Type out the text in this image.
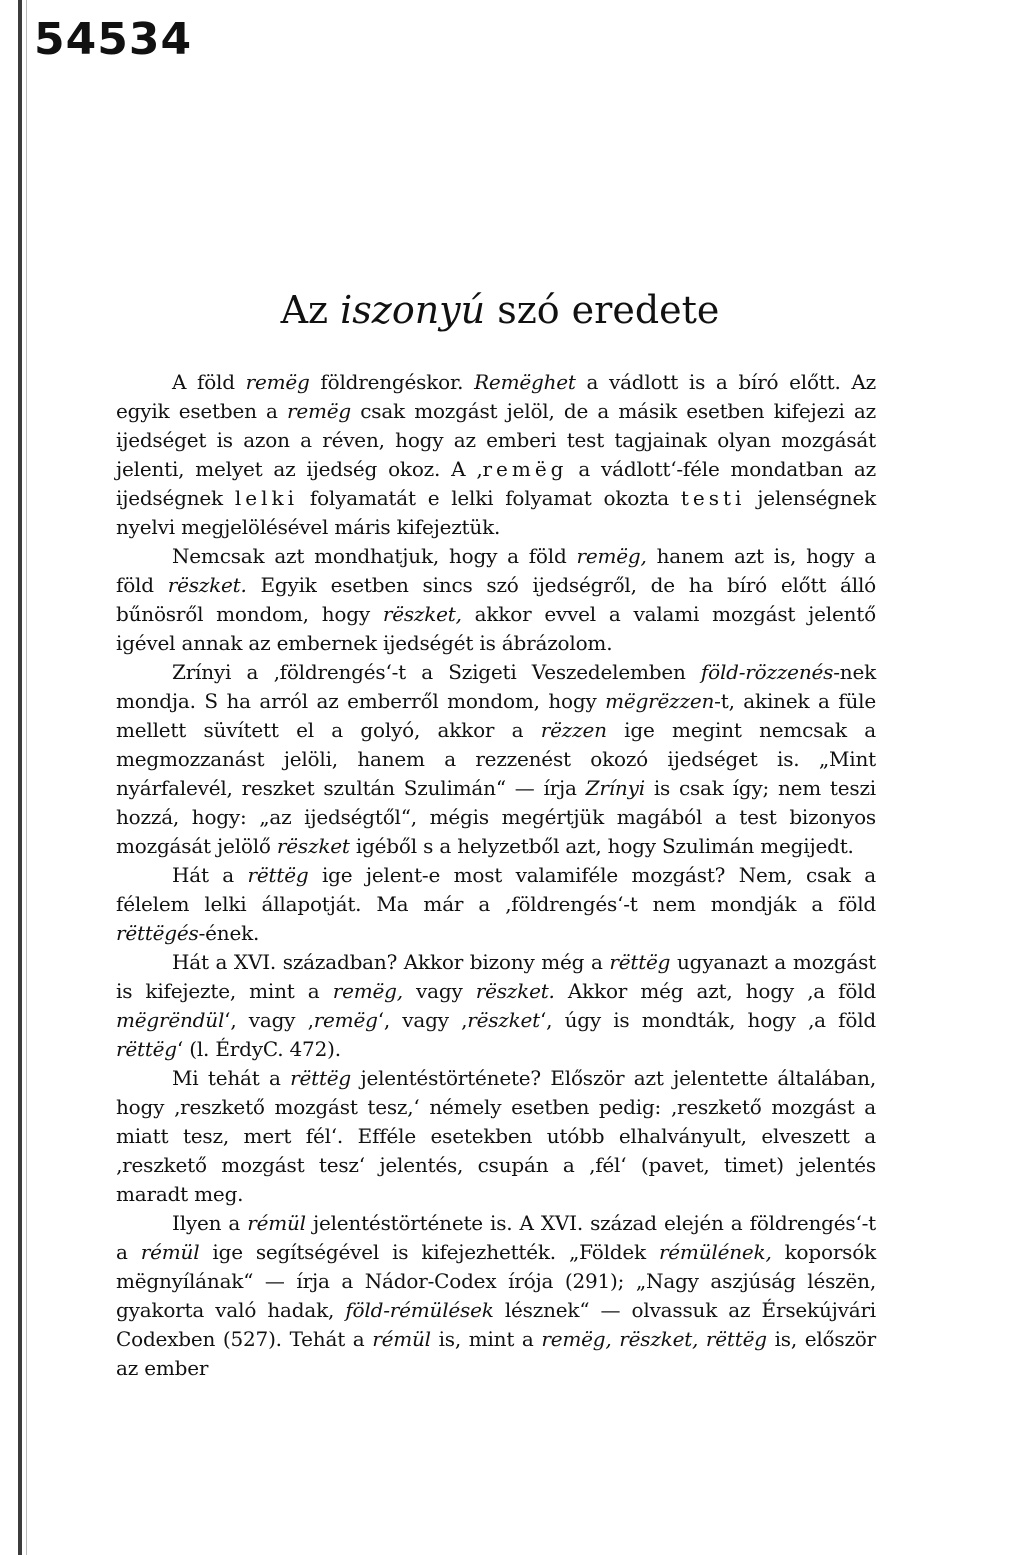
54534
Az iszonyú szó eredete

A föld remëg földrengéskor. Remëghet a vádlott is a bíró előtt. Az egyik esetben a remëg csak mozgást jelöl, de a másik esetben kifejezi az ijedséget is azon a réven, hogy az emberi test tagjainak olyan mozgását jelenti, melyet az ijedség okoz. A ‚remëg a vádlott‘-féle mondatban az ijedségnek lelki folyamatát e lelki folyamat okozta testi jelenségnek nyelvi megjelölésével máris kifejeztük.

Nemcsak azt mondhatjuk, hogy a föld remëg, hanem azt is, hogy a föld rëszket. Egyik esetben sincs szó ijedségről, de ha bíró előtt álló bűnösről mondom, hogy rëszket, akkor evvel a valami mozgást jelentő igével annak az embernek ijedségét is ábrázolom.

Zrínyi a ‚földrengés‘-t a Szigeti Veszedelemben föld-rözzenés-nek mondja. S ha arról az emberről mondom, hogy mëgrëzzen-t, akinek a füle mellett süvített el a golyó, akkor a rëzzen ige megint nemcsak a megmozzanást jelöli, hanem a rezzenést okozó ijedséget is. „Mint nyárfalevél, reszket szultán Szulimán“ — írja Zrínyi is csak így; nem teszi hozzá, hogy: „az ijedségtől“, mégis megértjük magából a test bizonyos mozgását jelölő rëszket igéből s a helyzetből azt, hogy Szulimán megijedt.

Hát a rëttëg ige jelent-e most valamiféle mozgást? Nem, csak a félelem lelki állapotját. Ma már a ‚földrengés‘-t nem mondják a föld rëttëgés-ének.

Hát a XVI. században? Akkor bizony még a rëttëg ugyanazt a mozgást is kifejezte, mint a remëg, vagy rëszket. Akkor még azt, hogy ‚a föld mëgrëndül‘, vagy ‚remëg‘, vagy ‚rëszket‘, úgy is mondták, hogy ‚a föld rëttëg‘ (l. ÉrdyC. 472).

Mi tehát a rëttëg jelentéstörténete? Először azt jelentette általában, hogy ‚reszkető mozgást tesz,‘ némely esetben pedig: ‚reszkető mozgást a miatt tesz, mert fél‘. Efféle esetekben utóbb elhalványult, elveszett a ‚reszkető mozgást tesz‘ jelentés, csupán a ‚fél‘ (pavet, timet) jelentés maradt meg.

Ilyen a rémül jelentéstörténete is. A XVI. század elején a földrengés‘-t a rémül ige segítségével is kifejezhették. „Földek rémülének, koporsók mëgnyílának“ — írja a Nádor-Codex írója (291); „Nagy aszjúság lészën, gyakorta való hadak, föld-rémülések lésznek“ — olvassuk az Érsekújvári Codexben (527). Tehát a rémül is, mint a remëg, rëszket, rëttëg is, először az ember
